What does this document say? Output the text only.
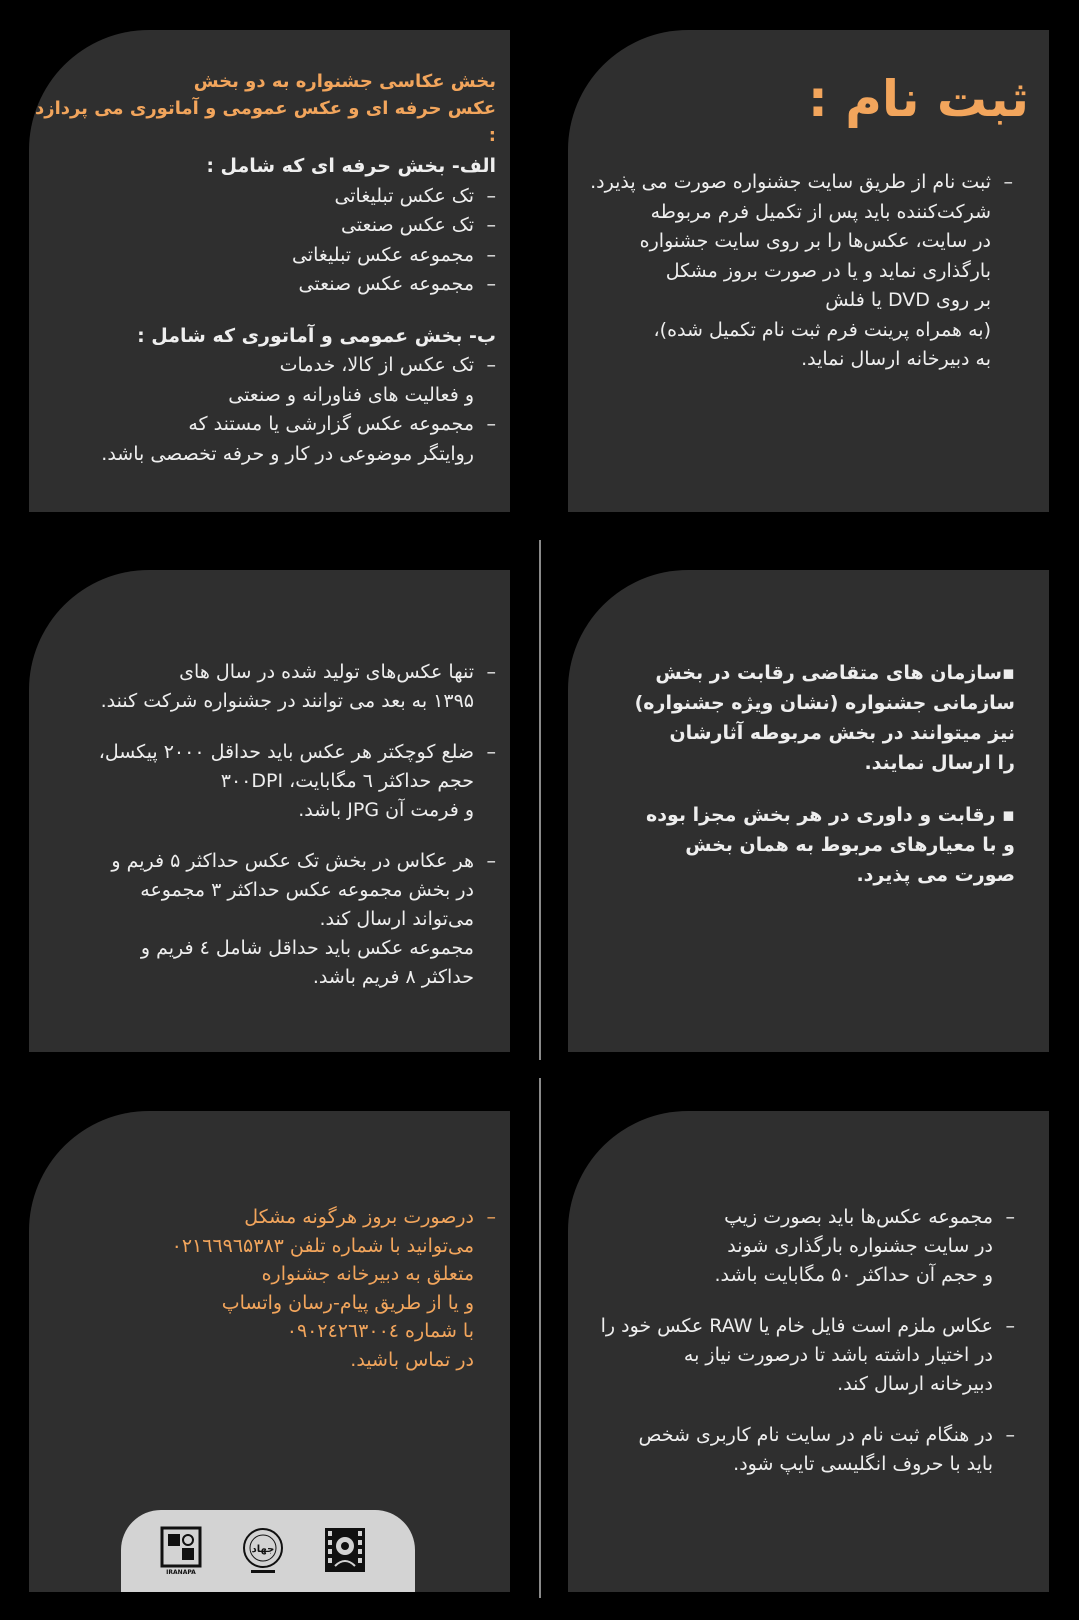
ثبت نام :
– ثبت نام از طریق سایت جشنواره صورت می پذیرد.
شرکت‌کننده باید پس از تکمیل فرم مربوطه
در سایت، عکس‌ها را بر روی سایت جشنواره
بارگذاری نماید و یا در صورت بروز مشکل
بر روی DVD یا فلش
(به همراه پرینت فرم ثبت نام تکمیل شده)،
به دبیرخانه ارسال نماید.
بخش عکاسی جشنواره به دو بخش
عکس حرفه ای و عکس عمومی و آماتوری می پردازد :
الف- بخش حرفه ای که شامل :
– تک عکس تبلیغاتی
– تک عکس صنعتی
– مجموعه عکس تبلیغاتی
– مجموعه عکس صنعتی
ب- بخش عمومی و آماتوری که شامل :
– تک عکس از کالا، خدمات
و فعالیت های فناورانه و صنعتی
– مجموعه عکس گزارشی یا مستند که
روایتگر موضوعی در کار و حرفه تخصصی باشد.
▪سازمان های متقاضی رقابت در بخش
سازمانی جشنواره (نشان ویژه جشنواره)
نیز میتوانند در بخش مربوطه آثارشان
را ارسال نمایند.
▪ رقابت و داوری در هر بخش مجزا بوده
و با معیارهای مربوط به همان بخش
صورت می پذیرد.
– تنها عکس‌های تولید شده در سال های
۱۳۹۵ به بعد می توانند در جشنواره شرکت کنند.
– ضلع کوچکتر هر عکس باید حداقل ۲۰۰۰ پیکسل،
حجم حداکثر ٦ مگابایت، ۳۰۰DPI
و فرمت آن JPG باشد.
– هر عکاس در بخش تک عکس حداکثر ۵ فریم و
در بخش مجموعه عکس حداکثر ۳ مجموعه
می‌تواند ارسال کند.
مجموعه عکس باید حداقل شامل ٤ فریم و
حداکثر ۸ فریم باشد.
– مجموعه عکس‌ها باید بصورت زیپ
در سایت جشنواره بارگذاری شوند
و حجم آن حداکثر ۵۰ مگابایت باشد.
– عکاس ملزم است فایل خام یا RAW عکس خود را
در اختیار داشته باشد تا درصورت نیاز به
دبیرخانه ارسال کند.
– در هنگام ثبت نام در سایت نام کاربری شخص
باید با حروف انگلیسی تایپ شود.
– درصورت بروز هرگونه مشکل
می‌توانید با شماره تلفن ۰۲۱٦٦۹٦۵۳۸۳
متعلق به دبیرخانه جشنواره
و یا از طریق پیام-رسان واتساپ
با شماره ۰۹۰۲٤۲٦۳۰۰٤
در تماس باشید.
جهاد
IRANAPA
